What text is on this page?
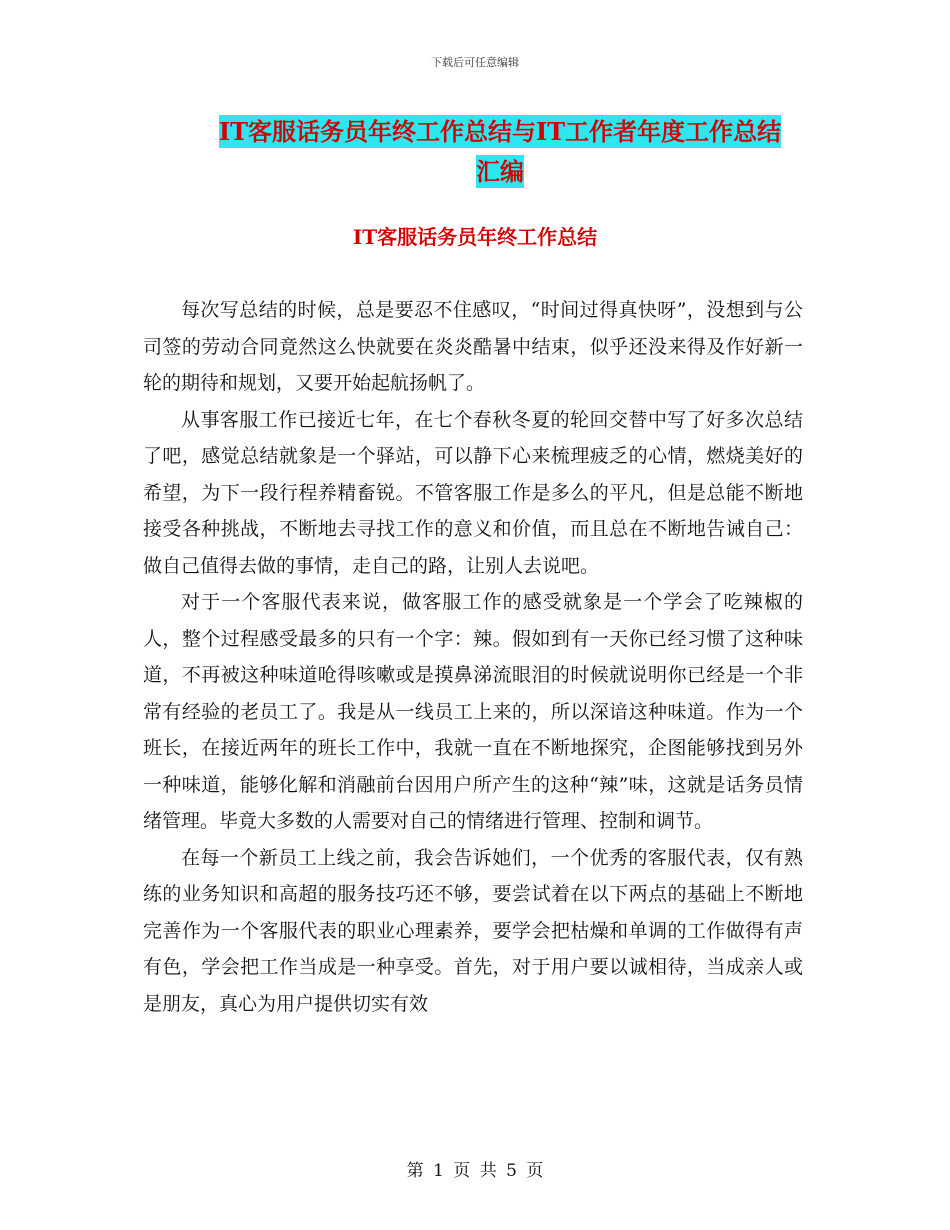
下载后可任意编辑
IT客服话务员年终工作总结与IT工作者年度工作总结
汇编
IT客服话务员年终工作总结

每次写总结的时候，总是要忍不住感叹，“时间过得真快呀”，没想到与公司签的劳动合同竟然这么快就要在炎炎酷暑中结束，似乎还没来得及作好新一轮的期待和规划，又要开始起航扬帆了。

从事客服工作已接近七年，在七个春秋冬夏的轮回交替中写了好多次总结了吧，感觉总结就象是一个驿站，可以静下心来梳理疲乏的心情，燃烧美好的希望，为下一段行程养精畜锐。不管客服工作是多么的平凡，但是总能不断地接受各种挑战，不断地去寻找工作的意义和价值，而且总在不断地告诫自己：做自己值得去做的事情，走自己的路，让别人去说吧。

对于一个客服代表来说，做客服工作的感受就象是一个学会了吃辣椒的人，整个过程感受最多的只有一个字：辣。假如到有一天你已经习惯了这种味道，不再被这种味道呛得咳嗽或是摸鼻涕流眼泪的时候就说明你已经是一个非常有经验的老员工了。我是从一线员工上来的，所以深谙这种味道。作为一个班长，在接近两年的班长工作中，我就一直在不断地探究，企图能够找到另外一种味道，能够化解和消融前台因用户所产生的这种“辣”味，这就是话务员情绪管理。毕竟大多数的人需要对自己的情绪进行管理、控制和调节。

在每一个新员工上线之前，我会告诉她们，一个优秀的客服代表，仅有熟练的业务知识和高超的服务技巧还不够，要尝试着在以下两点的基础上不断地完善作为一个客服代表的职业心理素养，要学会把枯燥和单调的工作做得有声有色，学会把工作当成是一种享受。首先，对于用户要以诚相待，当成亲人或是朋友，真心为用户提供切实有效

第 1 页 共 5 页
